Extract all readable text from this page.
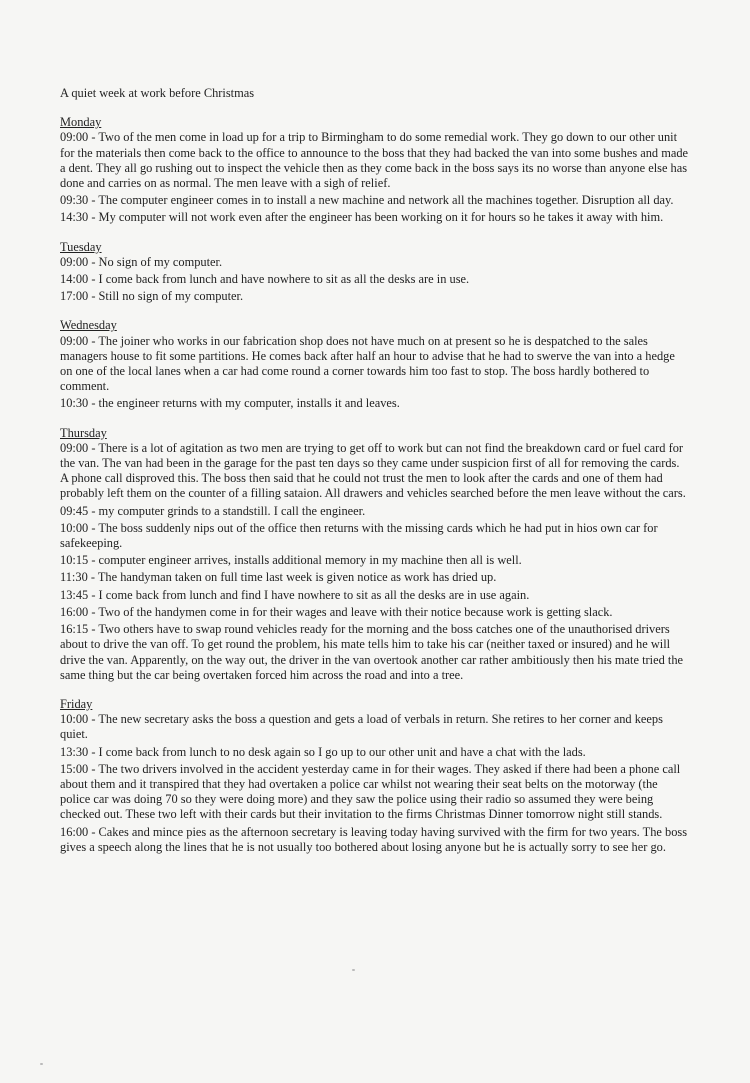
A quiet week at work before Christmas
Monday
09:00 - Two of the men come in load up for a trip to Birmingham to do some remedial work. They go down to our other unit for the materials then come back to the office to announce to the boss that they had backed the van into some bushes and made a dent. They all go rushing out to inspect the vehicle then as they come back in the boss says its no worse than anyone else has done and carries on as normal. The men leave with a sigh of relief.
09:30 - The computer engineer comes in to install a new machine and network all the machines together. Disruption all day.
14:30 - My computer will not work even after the engineer has been working on it for hours so he takes it away with him.
Tuesday
09:00 - No sign of my computer.
14:00 - I come back from lunch and have nowhere to sit as all the desks are in use.
17:00 - Still no sign of my computer.
Wednesday
09:00 - The joiner who works in our fabrication shop does not have much on at present so he is despatched to the sales managers house to fit some partitions. He comes back after half an hour to advise that he had to swerve the van into a hedge on one of the local lanes when a car had come round a corner towards him too fast to stop. The boss hardly bothered to comment.
10:30 - the engineer returns with my computer, installs it and leaves.
Thursday
09:00 - There is a lot of agitation as two men are trying to get off to work but can not find the breakdown card or fuel card for the van. The van had been in the garage for the past ten days so they came under suspicion first of all for removing the cards. A phone call disproved this. The boss then said that he could not trust the men to look after the cards and one of them had probably left them on the counter of a filling sataion. All drawers and vehicles searched before the men leave without the cars.
09:45 - my computer grinds to a standstill. I call the engineer.
10:00 - The boss suddenly nips out of the office then returns with the missing cards which he had put in hios own car for safekeeping.
10:15 - computer engineer arrives, installs additional memory in my machine then all is well.
11:30 - The handyman taken on full time last week is given notice as work has dried up.
13:45 - I come back from lunch and find I have nowhere to sit as all the desks are in use again.
16:00 - Two of the handymen come in for their wages and leave with their notice because work is getting slack.
16:15 - Two others have to swap round vehicles ready for the morning and the boss catches one of the unauthorised drivers about to drive the van off. To get round the problem, his mate tells him to take his car (neither taxed or insured) and he will drive the van. Apparently, on the way out, the driver in the van overtook another car rather ambitiously then his mate tried the same thing but the car being overtaken forced him across the road and into a tree.
Friday
10:00 - The new secretary asks the boss a question and gets a load of verbals in return. She retires to her corner and keeps quiet.
13:30 - I come back from lunch to no desk again so I go up to our other unit and have a chat with the lads.
15:00 - The two drivers involved in the accident yesterday came in for their wages. They asked if there had been a phone call about them and it transpired that they had overtaken a police car whilst not wearing their seat belts on the motorway (the police car was doing 70 so they were doing more) and they saw the police using their radio so assumed they were being checked out. These two left with their cards but their invitation to the firms Christmas Dinner tomorrow night still stands.
16:00 - Cakes and mince pies as the afternoon secretary is leaving today having survived with the firm for two years. The boss gives a speech along the lines that he is not usually too bothered about losing anyone but he is actually sorry to see her go.
